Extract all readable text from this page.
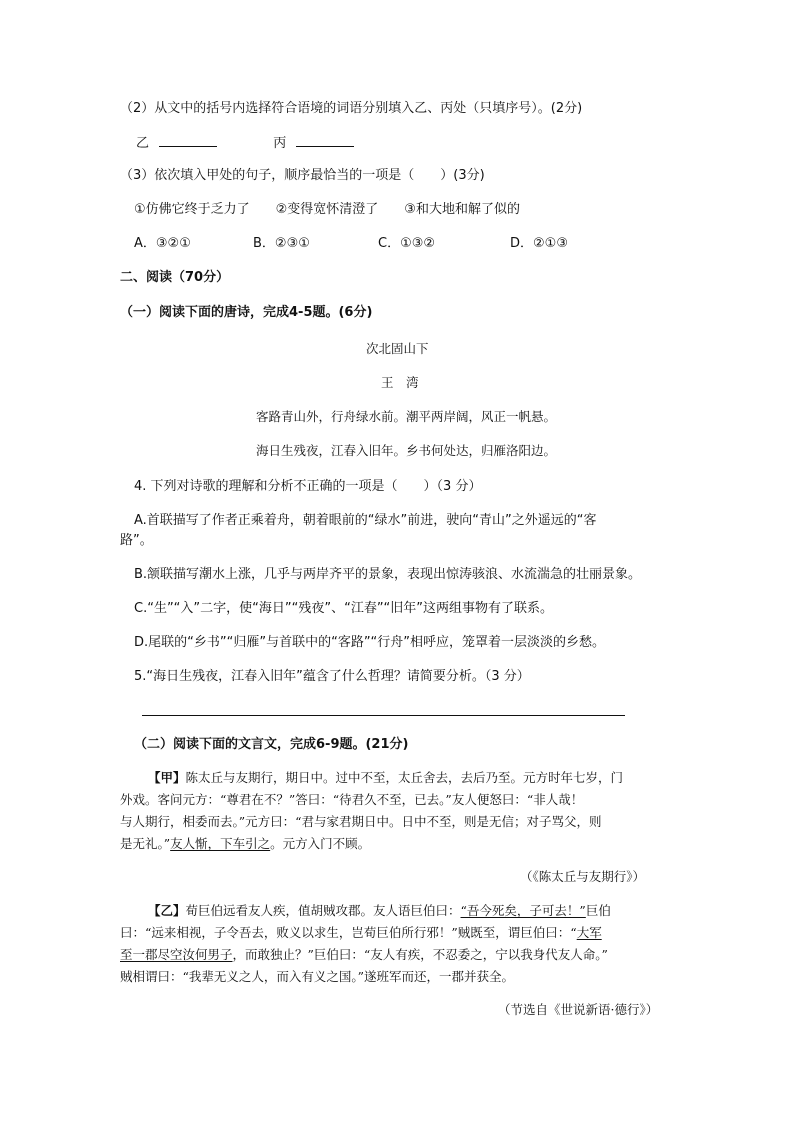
（2）从文中的括号内选择符合语境的词语分别填入乙、丙处（只填序号）。(2分)
乙	丙
（3）依次填入甲处的句子，顺序最恰当的一项是（　　）(3分)
①仿佛它终于乏力了　　②变得宽怀清澄了　　③和大地和解了似的
A．③②①	B．②③①	C．①③②	D．②①③
二、阅读（70分）
（一）阅读下面的唐诗，完成4-5题。(6分)
次北固山下
王　湾
客路青山外，行舟绿水前。潮平两岸阔，风正一帆悬。
海日生残夜，江春入旧年。乡书何处达，归雁洛阳边。
4. 下列对诗歌的理解和分析不正确的一项是（　　）（3 分）
A.首联描写了作者正乘着舟，朝着眼前的“绿水”前进，驶向“青山”之外遥远的“客
路”。
B.颔联描写潮水上涨，几乎与两岸齐平的景象，表现出惊涛骇浪、水流湍急的壮丽景象。
C.“生”“入”二字，使“海日”“残夜”、“江春”“旧年”这两组事物有了联系。
D.尾联的“乡书”“归雁”与首联中的“客路”“行舟”相呼应，笼罩着一层淡淡的乡愁。
5.“海日生残夜，江春入旧年”蕴含了什么哲理？请简要分析。（3 分）
（二）阅读下面的文言文，完成6-9题。(21分)
【甲】陈太丘与友期行，期日中。过中不至，太丘舍去，去后乃至。元方时年七岁，门
外戏。客问元方：“尊君在不？”答曰：“待君久不至，已去。”友人便怒曰：“非人哉！
与人期行，相委而去。”元方曰：“君与家君期日中。日中不至，则是无信；对子骂父，则
是无礼。”友人惭，下车引之。元方入门不顾。
（《陈太丘与友期行》）
【乙】荀巨伯远看友人疾，值胡贼攻郡。友人语巨伯曰：“吾今死矣，子可去！”巨伯
曰：“远来相视，子令吾去，败义以求生，岂荀巨伯所行邪！”贼既至，谓巨伯曰：“大军
至一郡尽空汝何男子，而敢独止？”巨伯曰：“友人有疾，不忍委之，宁以我身代友人命。”
贼相谓曰：“我辈无义之人，而入有义之国。”遂班军而还，一郡并获全。
（节选自《世说新语·德行》）
